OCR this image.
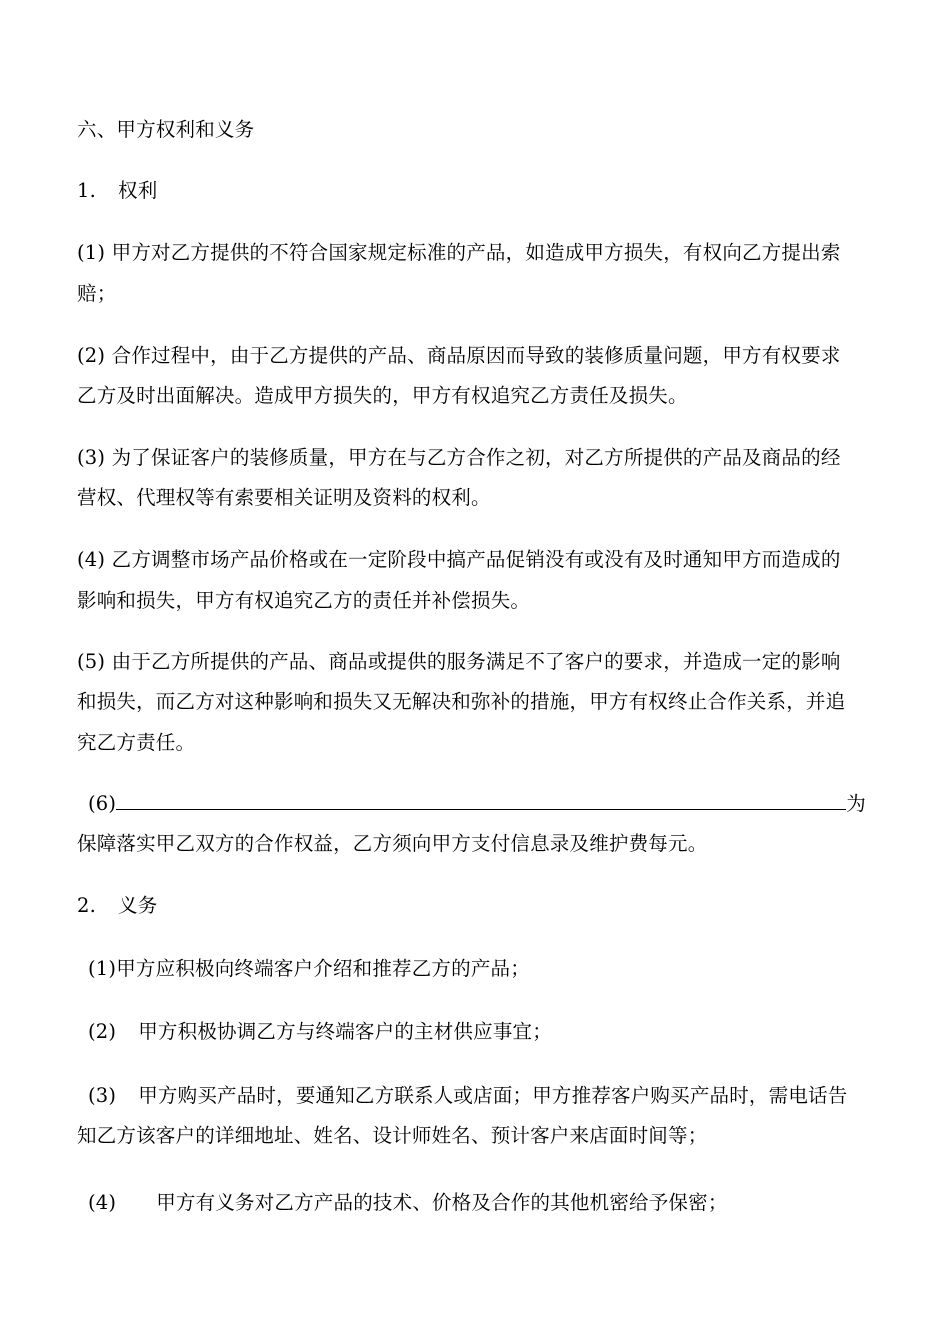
六、甲方权利和义务
1. 权利
(1) 甲方对乙方提供的不符合国家规定标准的产品，如造成甲方损失，有权向乙方提出索
赔；
(2) 合作过程中，由于乙方提供的产品、商品原因而导致的装修质量问题，甲方有权要求
乙方及时出面解决。造成甲方损失的，甲方有权追究乙方责任及损失。
(3) 为了保证客户的装修质量，甲方在与乙方合作之初，对乙方所提供的产品及商品的经
营权、代理权等有索要相关证明及资料的权利。
(4) 乙方调整市场产品价格或在一定阶段中搞产品促销没有或没有及时通知甲方而造成的
影响和损失，甲方有权追究乙方的责任并补偿损失。
(5) 由于乙方所提供的产品、商品或提供的服务满足不了客户的要求，并造成一定的影响
和损失，而乙方对这种影响和损失又无解决和弥补的措施，甲方有权终止合作关系，并追
究乙方责任。
(6)	为
保障落实甲乙双方的合作权益，乙方须向甲方支付信息录及维护费每元。
2. 义务
(1)甲方应积极向终端客户介绍和推荐乙方的产品；
(2) 甲方积极协调乙方与终端客户的主材供应事宜；
(3) 甲方购买产品时，要通知乙方联系人或店面；甲方推荐客户购买产品时，需电话告
知乙方该客户的详细地址、姓名、设计师姓名、预计客户来店面时间等；
(4) 甲方有义务对乙方产品的技术、价格及合作的其他机密给予保密；
